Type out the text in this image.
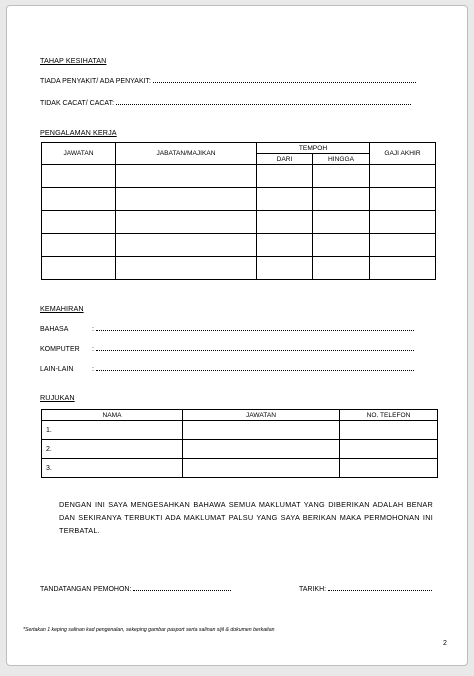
TAHAP KESIHATAN
TIADA PENYAKIT/ ADA PENYAKIT:
TIDAK CACAT/ CACAT:
PENGALAMAN KERJA
JAWATAN	JABATAN/MAJIKAN	TEMPOH		GAJI AKHIR
		DARI	HINGGA	

KEMAHIRAN
BAHASA	:
KOMPUTER :
LAIN-LAIN	:
RUJUKAN
NAMA	JAWATAN	NO. TELEFON
1.		
2.		
3.		
DENGAN INI SAYA MENGESAHKAN BAHAWA SEMUA MAKLUMAT YANG DIBERIKAN ADALAH BENAR DAN SEKIRANYA TERBUKTI ADA MAKLUMAT PALSU YANG SAYA BERIKAN MAKA PERMOHONAN INI TERBATAL.
TANDATANGAN PEMOHON:	TARIKH:
*Sertakan 1 keping salinan kad pengenalan, sekeping gambar pasport serta salinan sijil & dokumen berkaitan
2
